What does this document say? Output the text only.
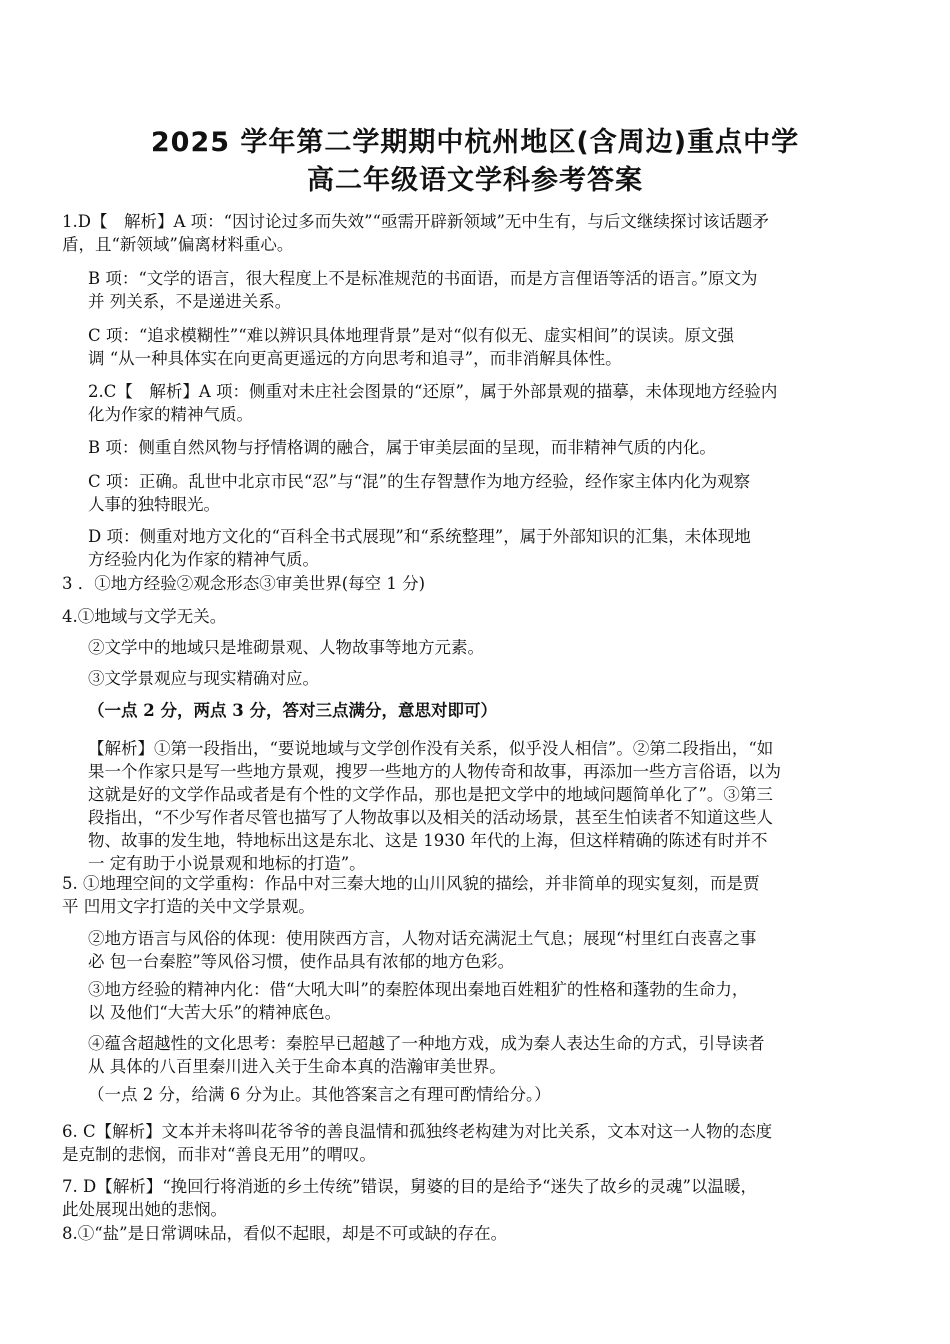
2025 学年第二学期期中杭州地区(含周边)重点中学
高二年级语文学科参考答案
1.D【　解析】A 项：“因讨论过多而失效”“亟需开辟新领域”无中生有，与后文继续探讨该话题矛
盾，且“新领域”偏离材料重心。
B 项：“文学的语言，很大程度上不是标准规范的书面语，而是方言俚语等活的语言。”原文为
并 列关系，不是递进关系。
C 项：“追求模糊性”“难以辨识具体地理背景”是对“似有似无、虚实相间”的误读。原文强
调 “从一种具体实在向更高更遥远的方向思考和追寻”，而非消解具体性。
2.C【　解析】A 项：侧重对未庄社会图景的“还原”，属于外部景观的描摹，未体现地方经验内
化为作家的精神气质。
B 项：侧重自然风物与抒情格调的融合，属于审美层面的呈现，而非精神气质的内化。
C 项：正确。乱世中北京市民“忍”与“混”的生存智慧作为地方经验，经作家主体内化为观察
人事的独特眼光。
D 项：侧重对地方文化的“百科全书式展现”和“系统整理”，属于外部知识的汇集，未体现地
方经验内化为作家的精神气质。
3 ．①地方经验②观念形态③审美世界(每空 1 分)
4.①地域与文学无关。
②文学中的地域只是堆砌景观、人物故事等地方元素。
③文学景观应与现实精确对应。
（一点 2 分，两点 3 分，答对三点满分，意思对即可）
【解析】①第一段指出，“要说地域与文学创作没有关系，似乎没人相信”。②第二段指出，“如
果一个作家只是写一些地方景观，搜罗一些地方的人物传奇和故事，再添加一些方言俗语，以为
这就是好的文学作品或者是有个性的文学作品，那也是把文学中的地域问题简单化了”。③第三
段指出，“不少写作者尽管也描写了人物故事以及相关的活动场景，甚至生怕读者不知道这些人
物、故事的发生地，特地标出这是东北、这是 1930 年代的上海，但这样精确的陈述有时并不
一 定有助于小说景观和地标的打造”。
5. ①地理空间的文学重构：作品中对三秦大地的山川风貌的描绘，并非简单的现实复刻，而是贾
平 凹用文字打造的关中文学景观。
②地方语言与风俗的体现：使用陕西方言，人物对话充满泥土气息；展现“村里红白丧喜之事
必 包一台秦腔”等风俗习惯，使作品具有浓郁的地方色彩。
③地方经验的精神内化：借“大吼大叫”的秦腔体现出秦地百姓粗犷的性格和蓬勃的生命力，
以 及他们“大苦大乐”的精神底色。
④蕴含超越性的文化思考：秦腔早已超越了一种地方戏，成为秦人表达生命的方式，引导读者
从 具体的八百里秦川进入关于生命本真的浩瀚审美世界。
（一点 2 分，给满 6 分为止。其他答案言之有理可酌情给分。）
6. C【解析】文本并未将叫花爷爷的善良温情和孤独终老构建为对比关系，文本对这一人物的态度
是克制的悲悯，而非对“善良无用”的喟叹。
7. D【解析】“挽回行将消逝的乡土传统”错误，舅婆的目的是给予“迷失了故乡的灵魂”以温暖，
此处展现出她的悲悯。
8.①“盐”是日常调味品，看似不起眼，却是不可或缺的存在。
